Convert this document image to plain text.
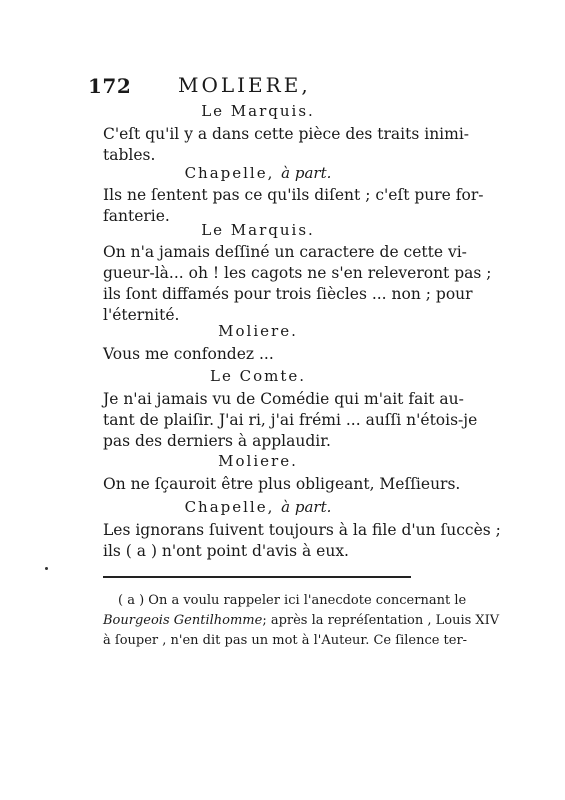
172 MOLIERE,
Le Marquis.
C'eſt qu'il y a dans cette pièce des traits inimi-
tables.
Chapelle, à part.
Ils ne ſentent pas ce qu'ils diſent ; c'eſt pure for-
fanterie.
Le Marquis.
On n'a jamais deſſiné un caractere de cette vi-
gueur-là... oh ! les cagots ne s'en releveront pas ;
ils ſont diffamés pour trois ſiècles ... non ; pour
l'éternité.
Moliere.
Vous me confondez ...
Le Comte.
Je n'ai jamais vu de Comédie qui m'ait fait au-
tant de plaiſir. J'ai ri, j'ai frémi ... auſſi n'étois-je
pas des derniers à applaudir.
Moliere.
On ne ſçauroit être plus obligeant, Meſſieurs.
Chapelle, à part.
Les ignorans ſuivent toujours à la file d'un ſuccès ;
ils ( a ) n'ont point d'avis à eux.
( a ) On a voulu rappeler ici l'anecdote concernant le
Bourgeois Gentilhomme; après la repréſentation , Louis XIV
à ſouper , n'en dit pas un mot à l'Auteur. Ce ſilence ter-
